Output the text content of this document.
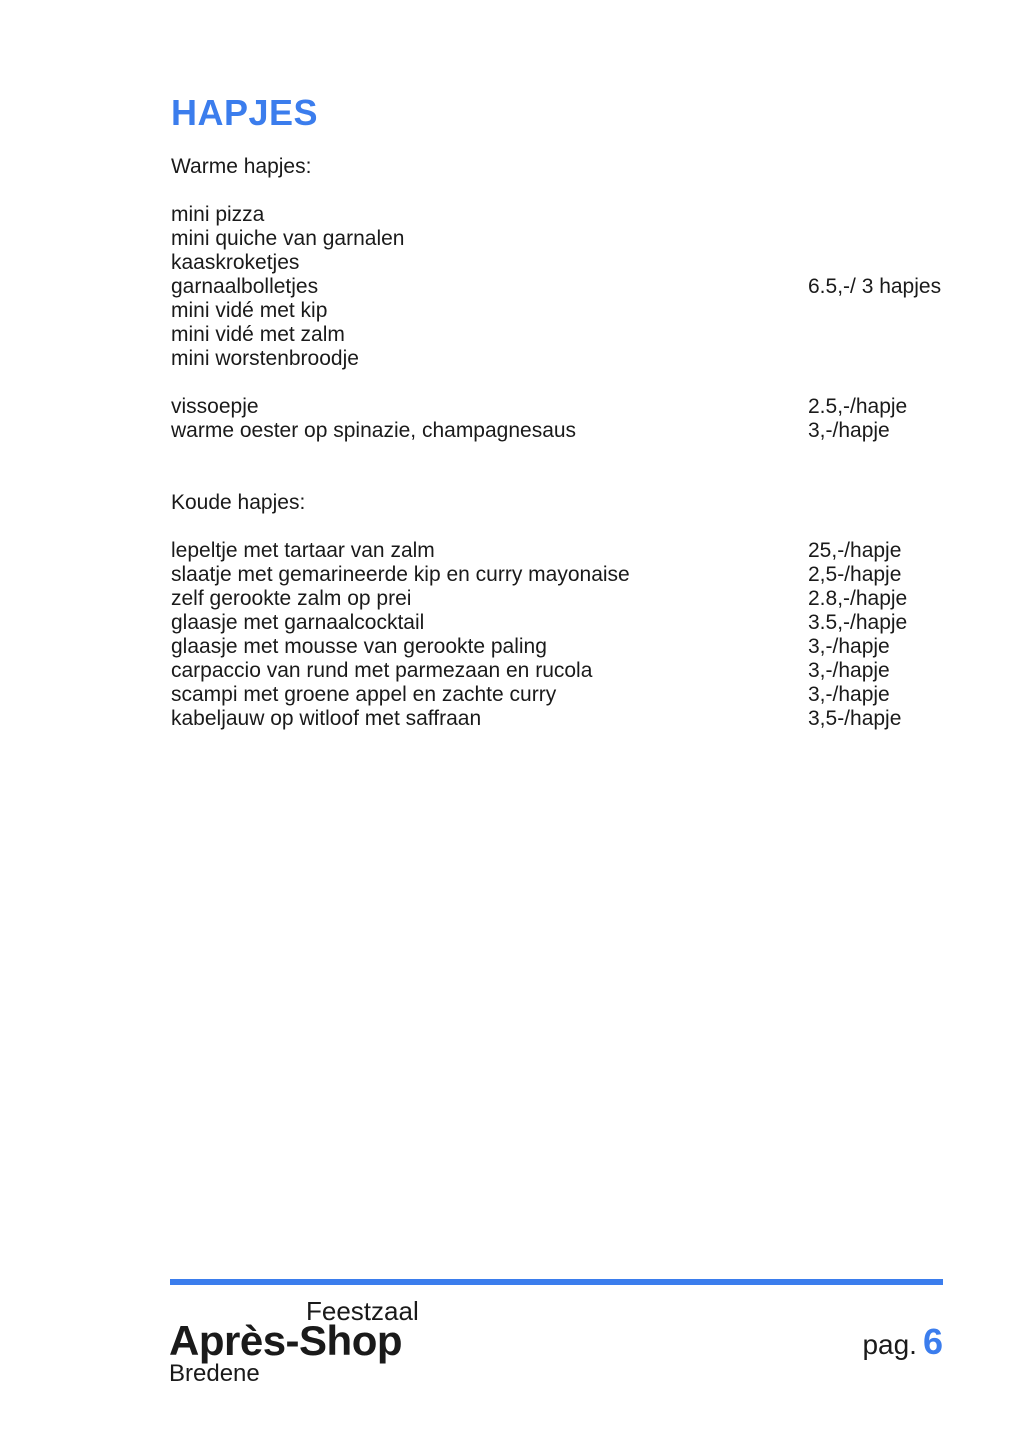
HAPJES
Warme hapjes:
mini pizza
mini quiche van garnalen
kaaskroketjes
garnaalbolletjes	6.5,-/ 3 hapjes
mini vidé met kip
mini vidé met zalm
mini worstenbroodje
vissoepje	2.5,-/hapje
warme oester op spinazie, champagnesaus	3,-/hapje
Koude hapjes:
lepeltje met tartaar van zalm	25,-/hapje
slaatje met gemarineerde kip en curry mayonaise	2,5-/hapje
zelf gerookte zalm op prei	2.8,-/hapje
glaasje met garnaalcocktail	3.5,-/hapje
glaasje met mousse van gerookte paling	3,-/hapje
carpaccio van rund met parmezaan en rucola	3,-/hapje
scampi met groene appel en zachte curry	3,-/hapje
kabeljauw op witloof met saffraan	3,5-/hapje
Feestzaal
Après-Shop
Bredene
pag. 6
